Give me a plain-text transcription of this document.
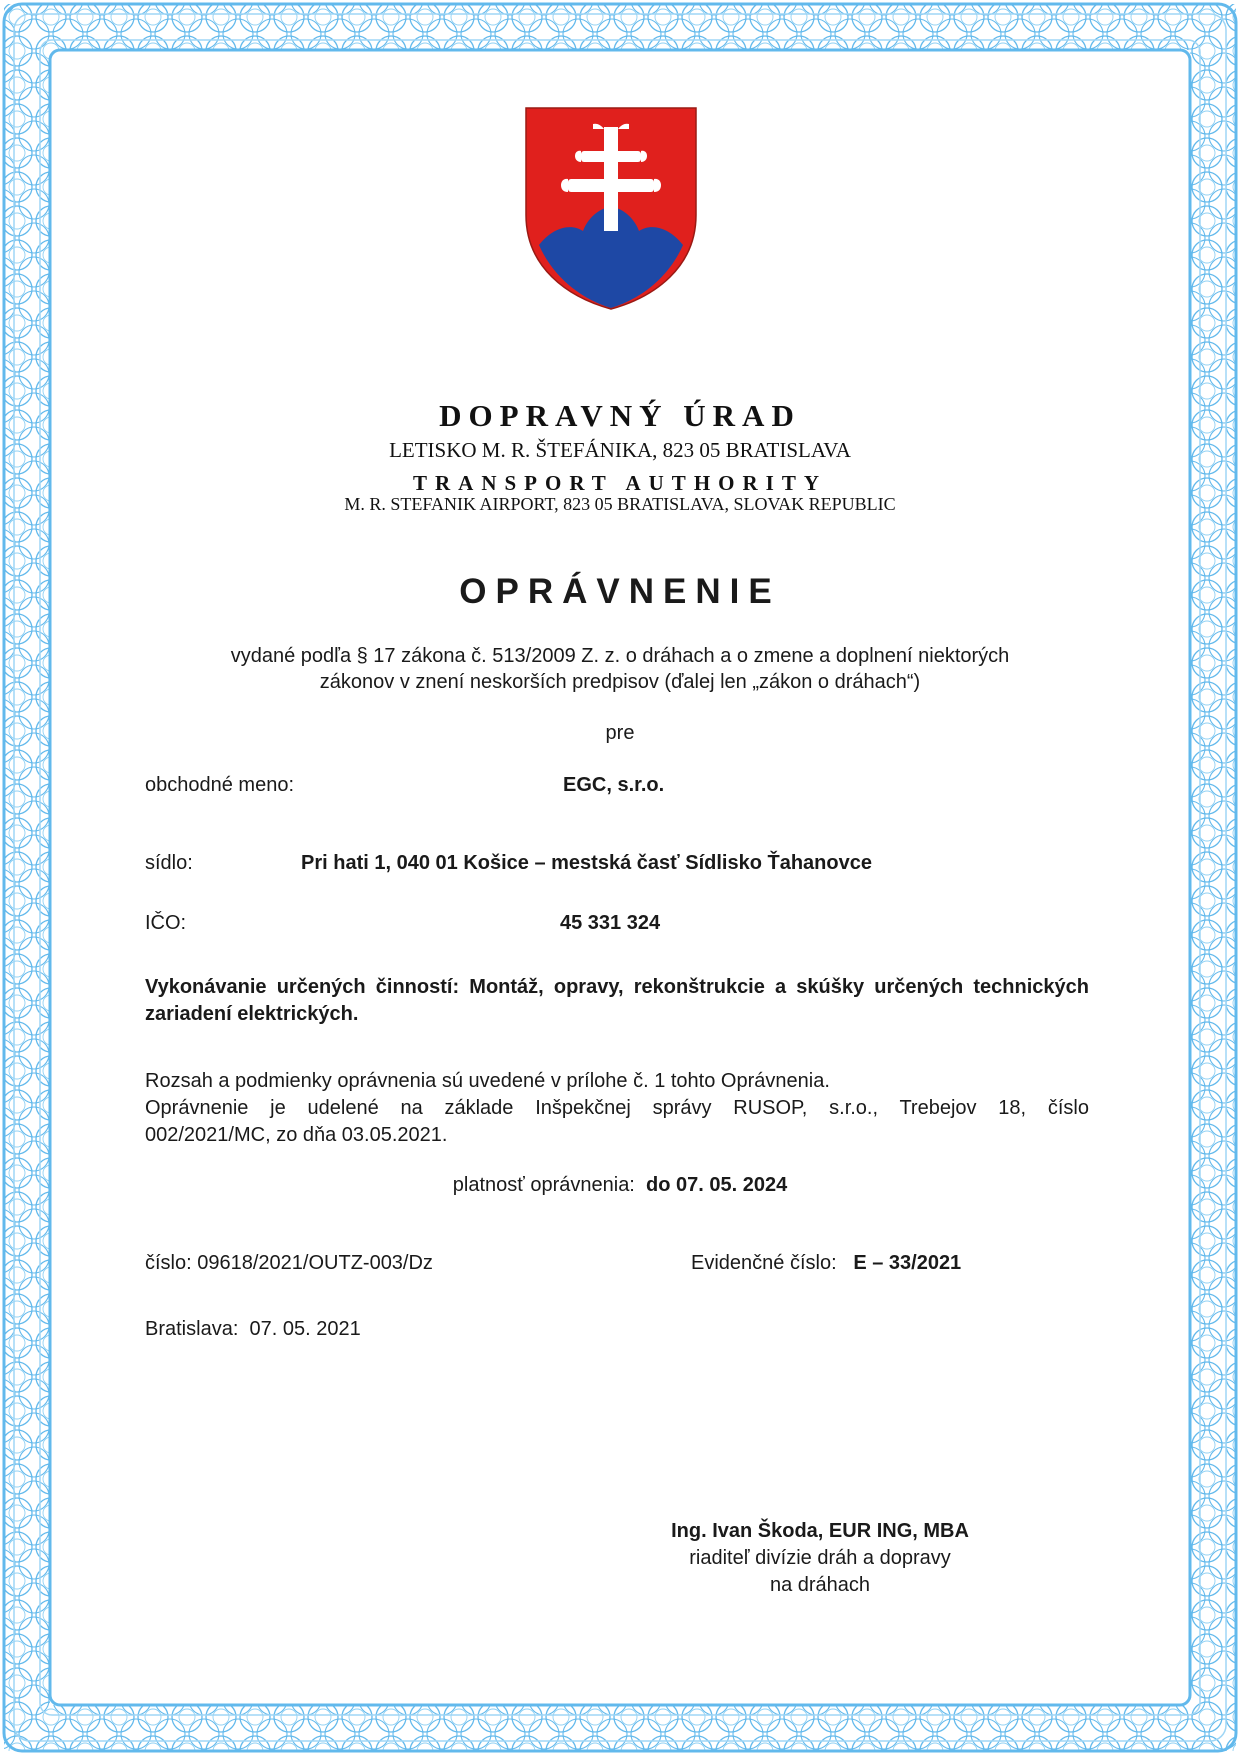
DOPRAVNÝ ÚRAD

LETISKO M. R. ŠTEFÁNIKA, 823 05 BRATISLAVA

TRANSPORT AUTHORITY

M. R. STEFANIK AIRPORT, 823 05 BRATISLAVA, SLOVAK REPUBLIC

OPRÁVNENIE

vydané podľa § 17 zákona č. 513/2009 Z. z. o dráhach a o zmene a doplnení niektorých
zákonov v znení neskorších predpisov (ďalej len „zákon o dráhach“)

pre

obchodné meno:	EGC, s.r.o.
sídlo:	Pri hati 1, 040 01 Košice – mestská časť Sídlisko Ťahanovce
IČO:	45 331 324

Vykonávanie určených činností: Montáž, opravy, rekonštrukcie a skúšky určených technických zariadení elektrických.

Rozsah a podmienky oprávnenia sú uvedené v prílohe č. 1 tohto Oprávnenia.
Oprávnenie je udelené na základe Inšpekčnej správy RUSOP, s.r.o., Trebejov 18, číslo
002/2021/MC, zo dňa 03.05.2021.

platnosť oprávnenia: do 07. 05. 2024

číslo: 09618/2021/OUTZ-003/Dz	Evidenčné číslo: E – 33/2021
Bratislava: 07. 05. 2021
Ing. Ivan Škoda, EUR ING, MBA
riaditeľ divízie dráh a dopravy
na dráhach
